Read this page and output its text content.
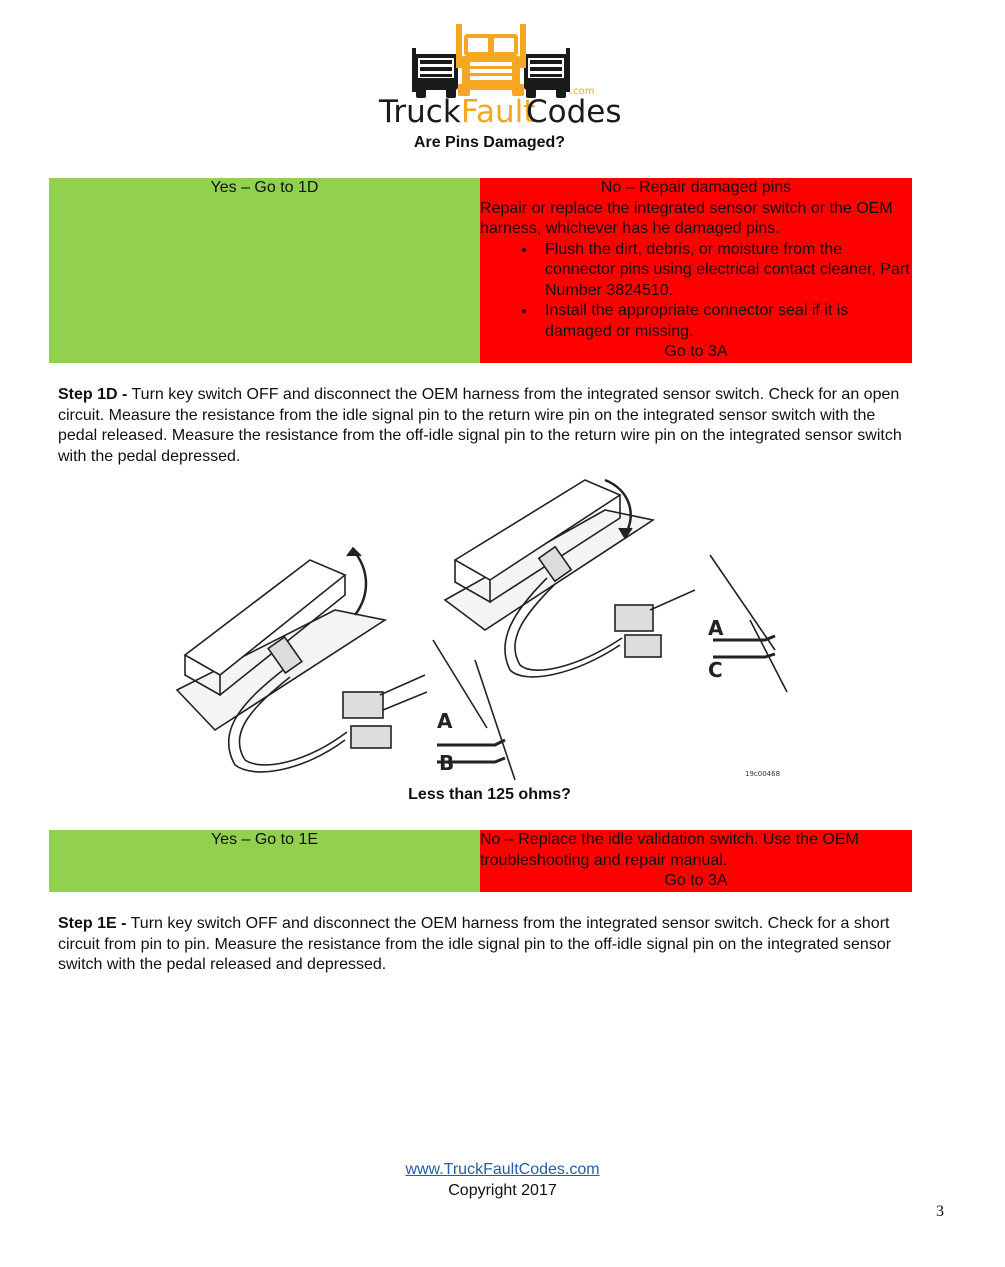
Truck Fault
Codes
.com
Are Pins Damaged?
Yes – Go to 1D	No – Repair damaged pins
Repair or replace the integrated sensor switch or the OEM harness, whichever has he damaged pins.
• Flush the dirt, debris, or moisture from the connector pins using electrical contact cleaner, Part Number 3824510.
• Install the appropriate connector seal if it is damaged or missing.
Go to 3A
Step 1D - Turn key switch OFF and disconnect the OEM harness from the integrated sensor switch. Check for an open circuit. Measure the resistance from the idle signal pin to the return wire pin on the integrated sensor switch with the pedal released. Measure the resistance from the off-idle signal pin to the return wire pin on the integrated sensor switch with the pedal depressed.
A
B
A
C
19c00468
Less than 125 ohms?
Yes – Go to 1E	No – Replace the idle validation switch. Use the OEM troubleshooting and repair manual.
Go to 3A
Step 1E - Turn key switch OFF and disconnect the OEM harness from the integrated sensor switch. Check for a short circuit from pin to pin. Measure the resistance from the idle signal pin to the off-idle signal pin on the integrated sensor switch with the pedal released and depressed.
www.TruckFaultCodes.com
Copyright 2017
3
